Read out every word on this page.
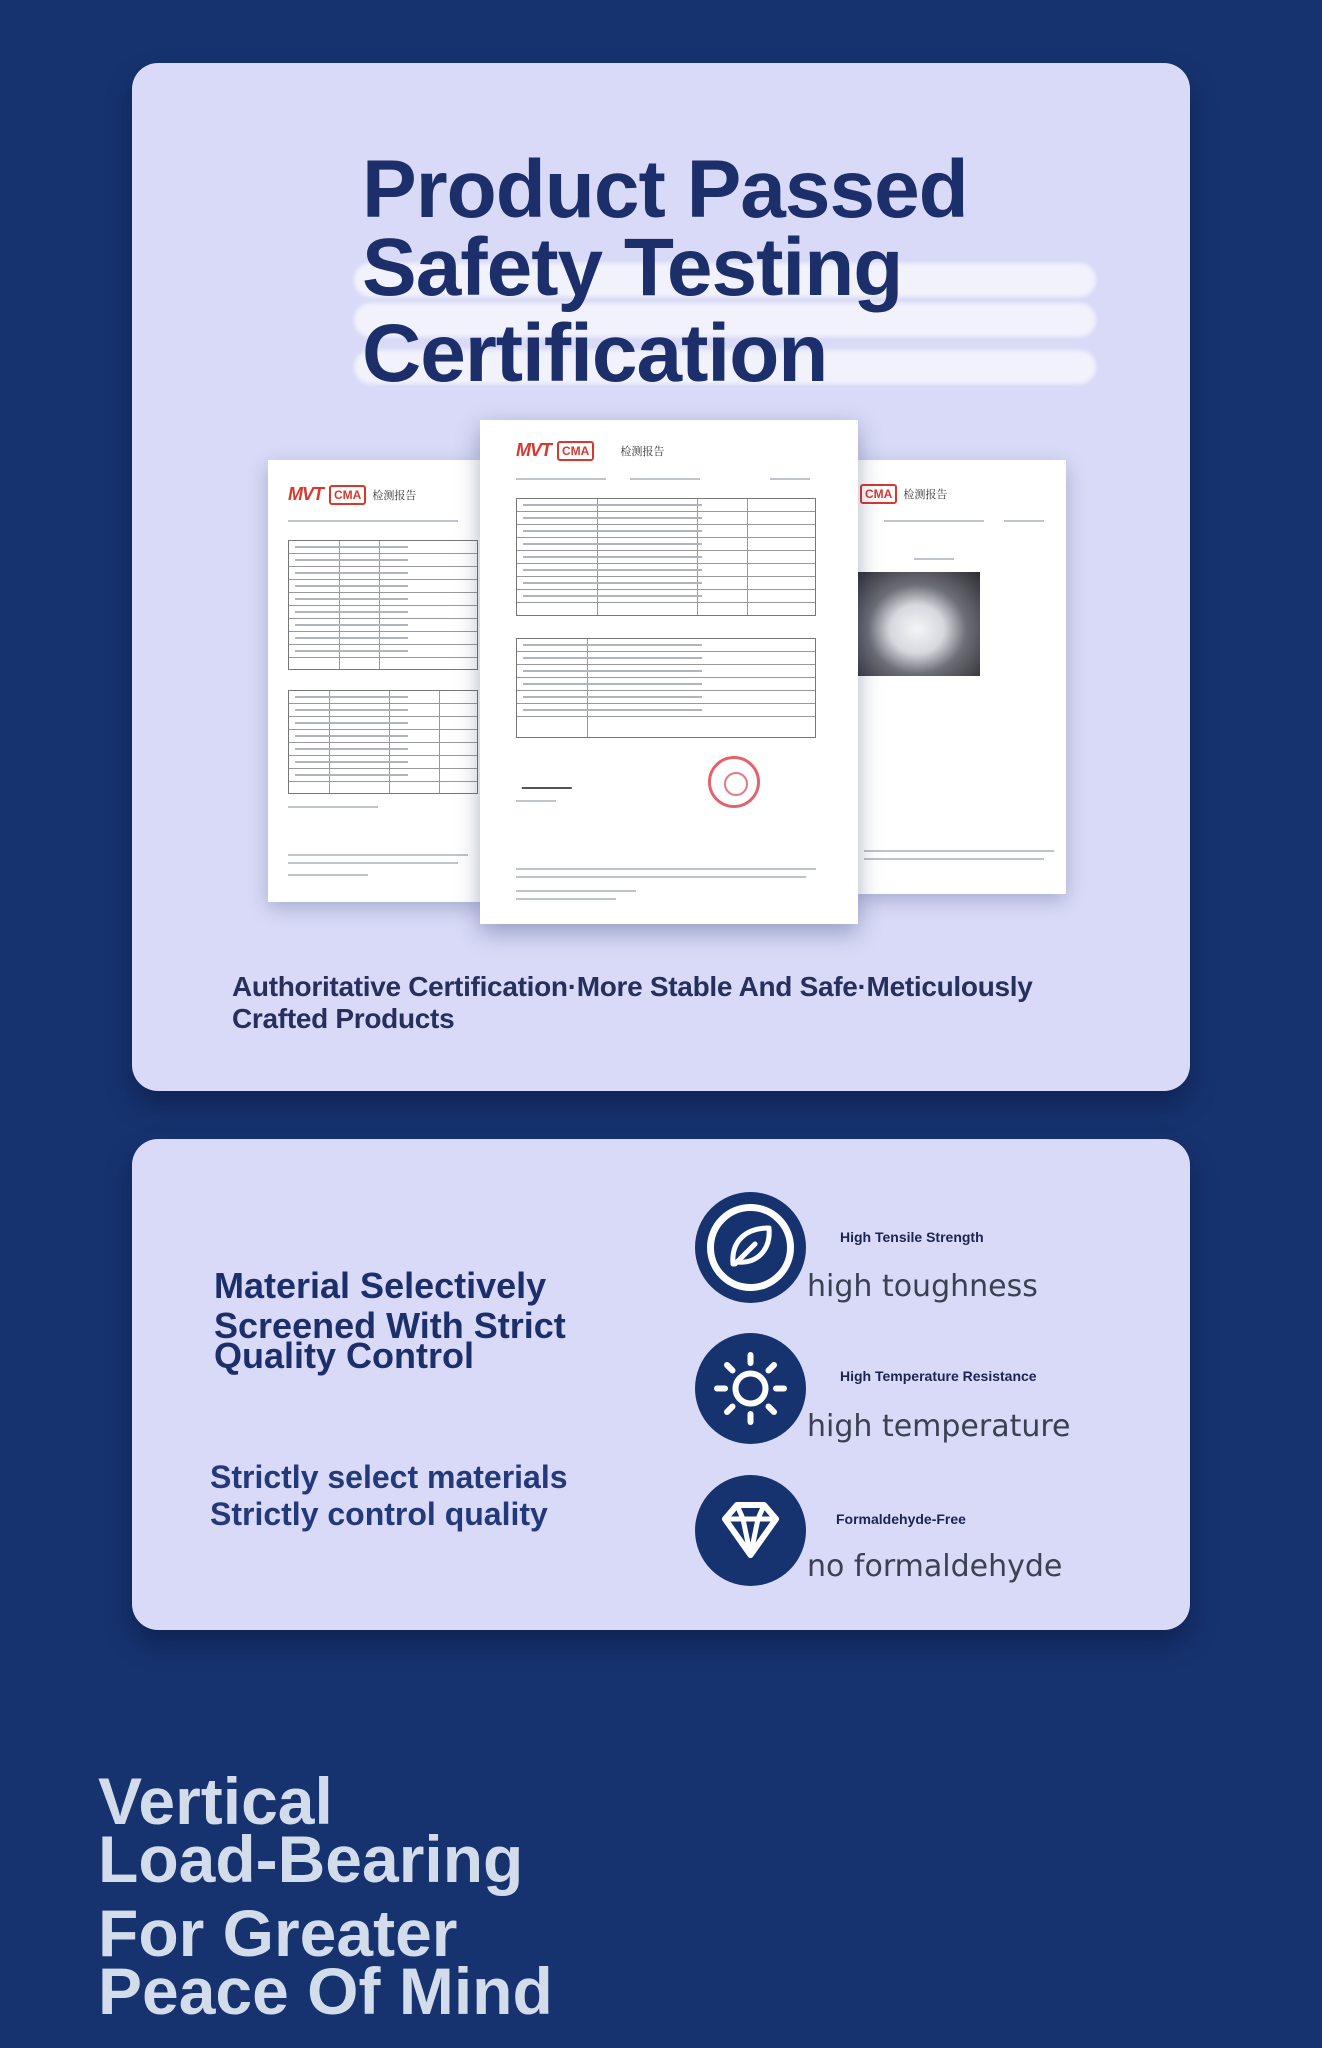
Product Passed
Safety Testing
Certification
MVT CMA	检测报告	CMA	检测报告
MVT CMA	检测报告

Authoritative Certification·More Stable And Safe·Meticulously Crafted Products

Material Selectively
Screened With Strict
Quality Control
Strictly select materials
Strictly control quality
High Tensile Strength
high toughness
High Temperature Resistance
high temperature
Formaldehyde-Free
no formaldehyde
Vertical
Load-Bearing
For Greater
Peace Of Mind
